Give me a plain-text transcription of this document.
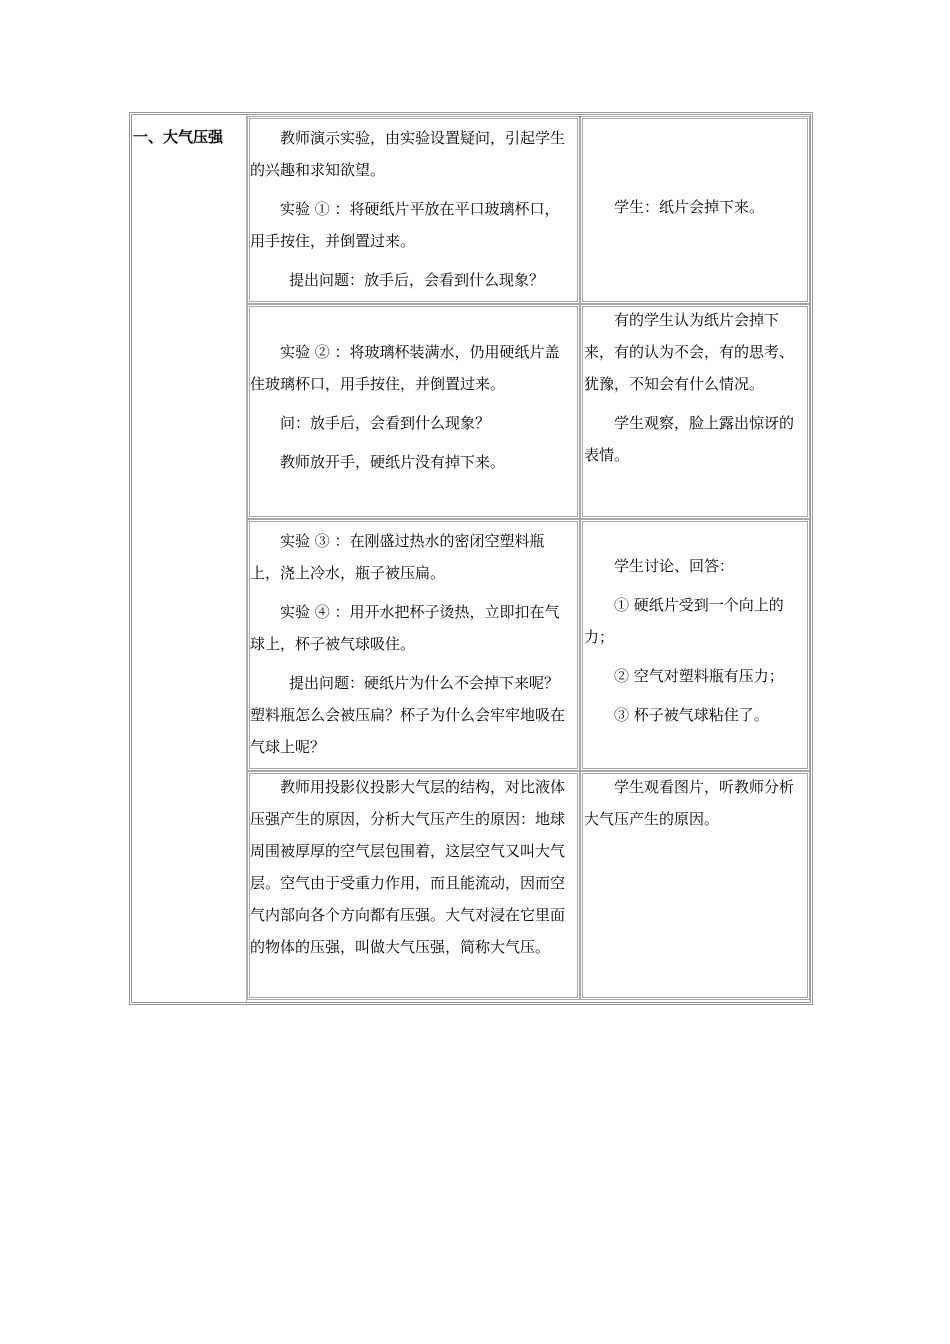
一、大气压强	教师演示实验，由实验设置疑问，引起学生的兴趣和求知欲望。

实验 ① ：将硬纸片平放在平口玻璃杯口，用手按住，并倒置过来。

提出问题：放手后，会看到什么现象？

学生：纸片会掉下来。

实验 ② ：将玻璃杯装满水，仍用硬纸片盖住玻璃杯口，用手按住，并倒置过来。

问：放手后，会看到什么现象？

教师放开手，硬纸片没有掉下来。

有的学生认为纸片会掉下来，有的认为不会，有的思考、犹豫，不知会有什么情况。

学生观察，脸上露出惊讶的表情。

实验 ③ ：在刚盛过热水的密闭空塑料瓶上，浇上冷水，瓶子被压扁。

实验 ④ ：用开水把杯子烫热，立即扣在气球上，杯子被气球吸住。

提出问题：硬纸片为什么不会掉下来呢？塑料瓶怎么会被压扁？杯子为什么会牢牢地吸在气球上呢？

学生讨论、回答：

① 硬纸片受到一个向上的力；

② 空气对塑料瓶有压力；

③ 杯子被气球粘住了。

教师用投影仪投影大气层的结构，对比液体压强产生的原因，分析大气压产生的原因：地球周围被厚厚的空气层包围着，这层空气又叫大气层。空气由于受重力作用，而且能流动，因而空气内部向各个方向都有压强。大气对浸在它里面的物体的压强，叫做大气压强，简称大气压。

学生观看图片，听教师分析大气压产生的原因。
